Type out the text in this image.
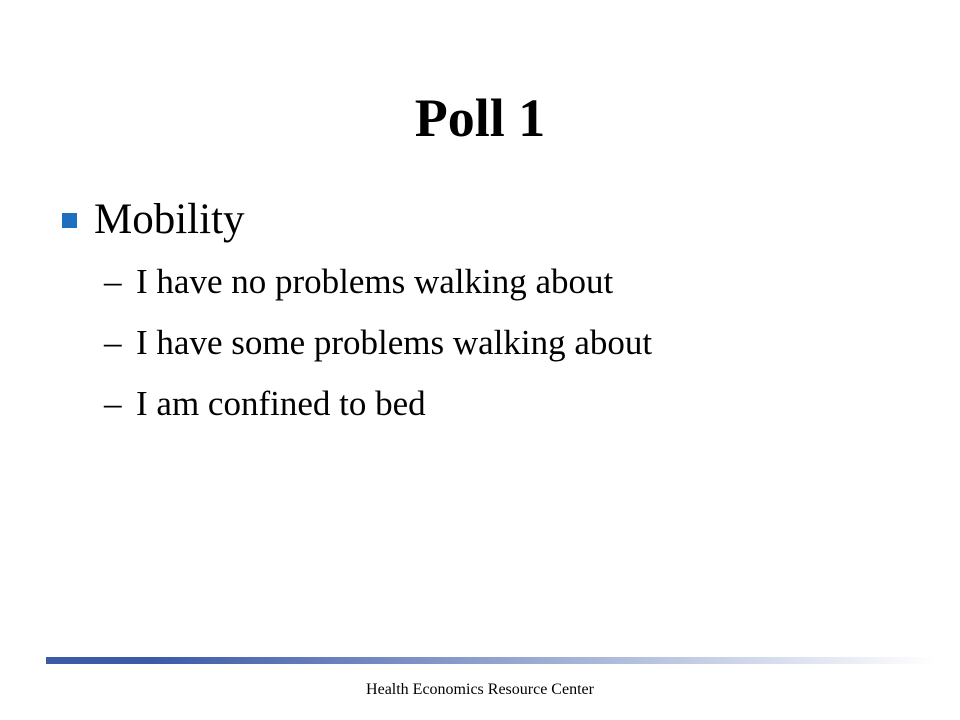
Poll 1
Mobility
– I have no problems walking about
– I have some problems walking about
– I am confined to bed
Health Economics Resource Center
